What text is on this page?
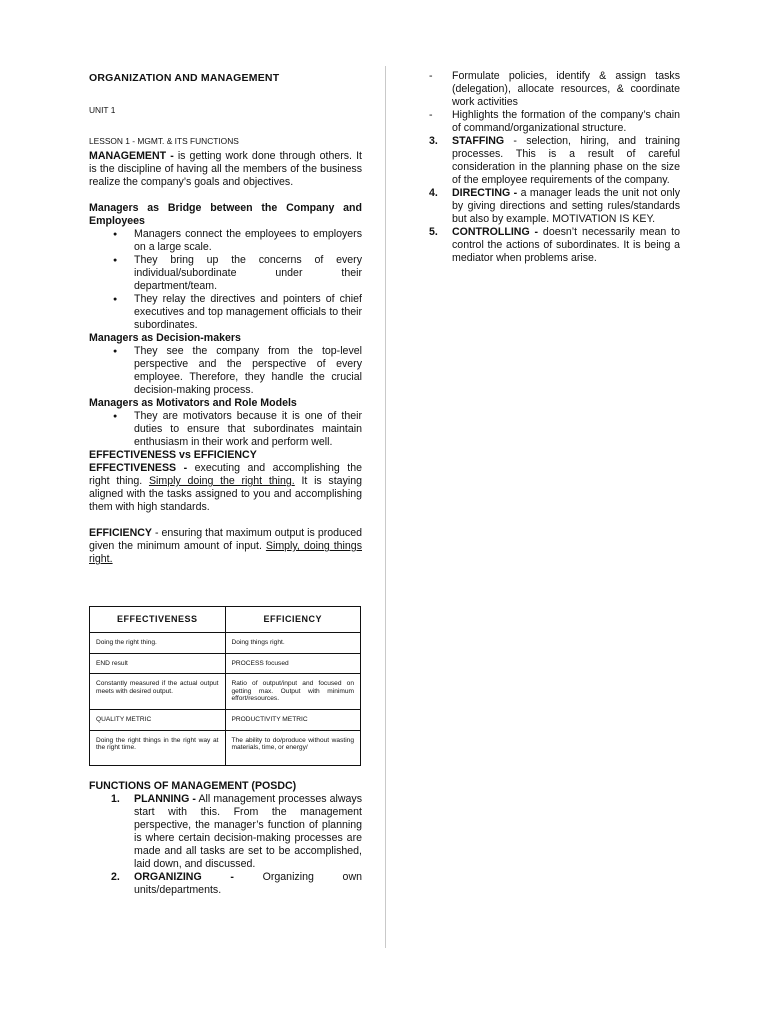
ORGANIZATION AND MANAGEMENT
UNIT 1
LESSON 1 - MGMT. & ITS FUNCTIONS
MANAGEMENT - is getting work done through others. It is the discipline of having all the members of the business realize the company’s goals and objectives.
Managers as Bridge between the Company and Employees
● Managers connect the employees to employers on a large scale.
● They bring up the concerns of every individual/subordinate under their department/team.
● They relay the directives and pointers of chief executives and top management officials to their subordinates.
Managers as Decision-makers
● They see the company from the top-level perspective and the perspective of every employee. Therefore, they handle the crucial decision-making process.
Managers as Motivators and Role Models
● They are motivators because it is one of their duties to ensure that subordinates maintain enthusiasm in their work and perform well.
EFFECTIVENESS vs EFFICIENCY
EFFECTIVENESS - executing and accomplishing the right thing. Simply doing the right thing. It is staying aligned with the tasks assigned to you and accomplishing them with high standards.
EFFICIENCY - ensuring that maximum output is produced given the minimum amount of input. Simply, doing things right.
EFFECTIVENESS	EFFICIENCY
Doing the right thing.	Doing things right.
END result	PROCESS focused
Constantly measured if the actual output meets with desired output.	Ratio of output/input and focused on getting max. Output with minimum effort/resources.
QUALITY METRIC	PRODUCTIVITY METRIC
Doing the right things in the right way at the right time.	The ability to do/produce without wasting materials, time, or energy/
FUNCTIONS OF MANAGEMENT (POSDC)
1. PLANNING - All management processes always start with this. From the management perspective, the manager’s function of planning is where certain decision-making processes are made and all tasks are set to be accomplished, laid down, and discussed.
2. ORGANIZING - Organizing own units/departments.
- Formulate policies, identify & assign tasks (delegation), allocate resources, & coordinate work activities
- Highlights the formation of the company’s chain of command/organizational structure.
3. STAFFING - selection, hiring, and training processes. This is a result of careful consideration in the planning phase on the size of the employee requirements of the company.
4. DIRECTING - a manager leads the unit not only by giving directions and setting rules/standards but also by example. MOTIVATION IS KEY.
5. CONTROLLING - doesn’t necessarily mean to control the actions of subordinates. It is being a mediator when problems arise.
